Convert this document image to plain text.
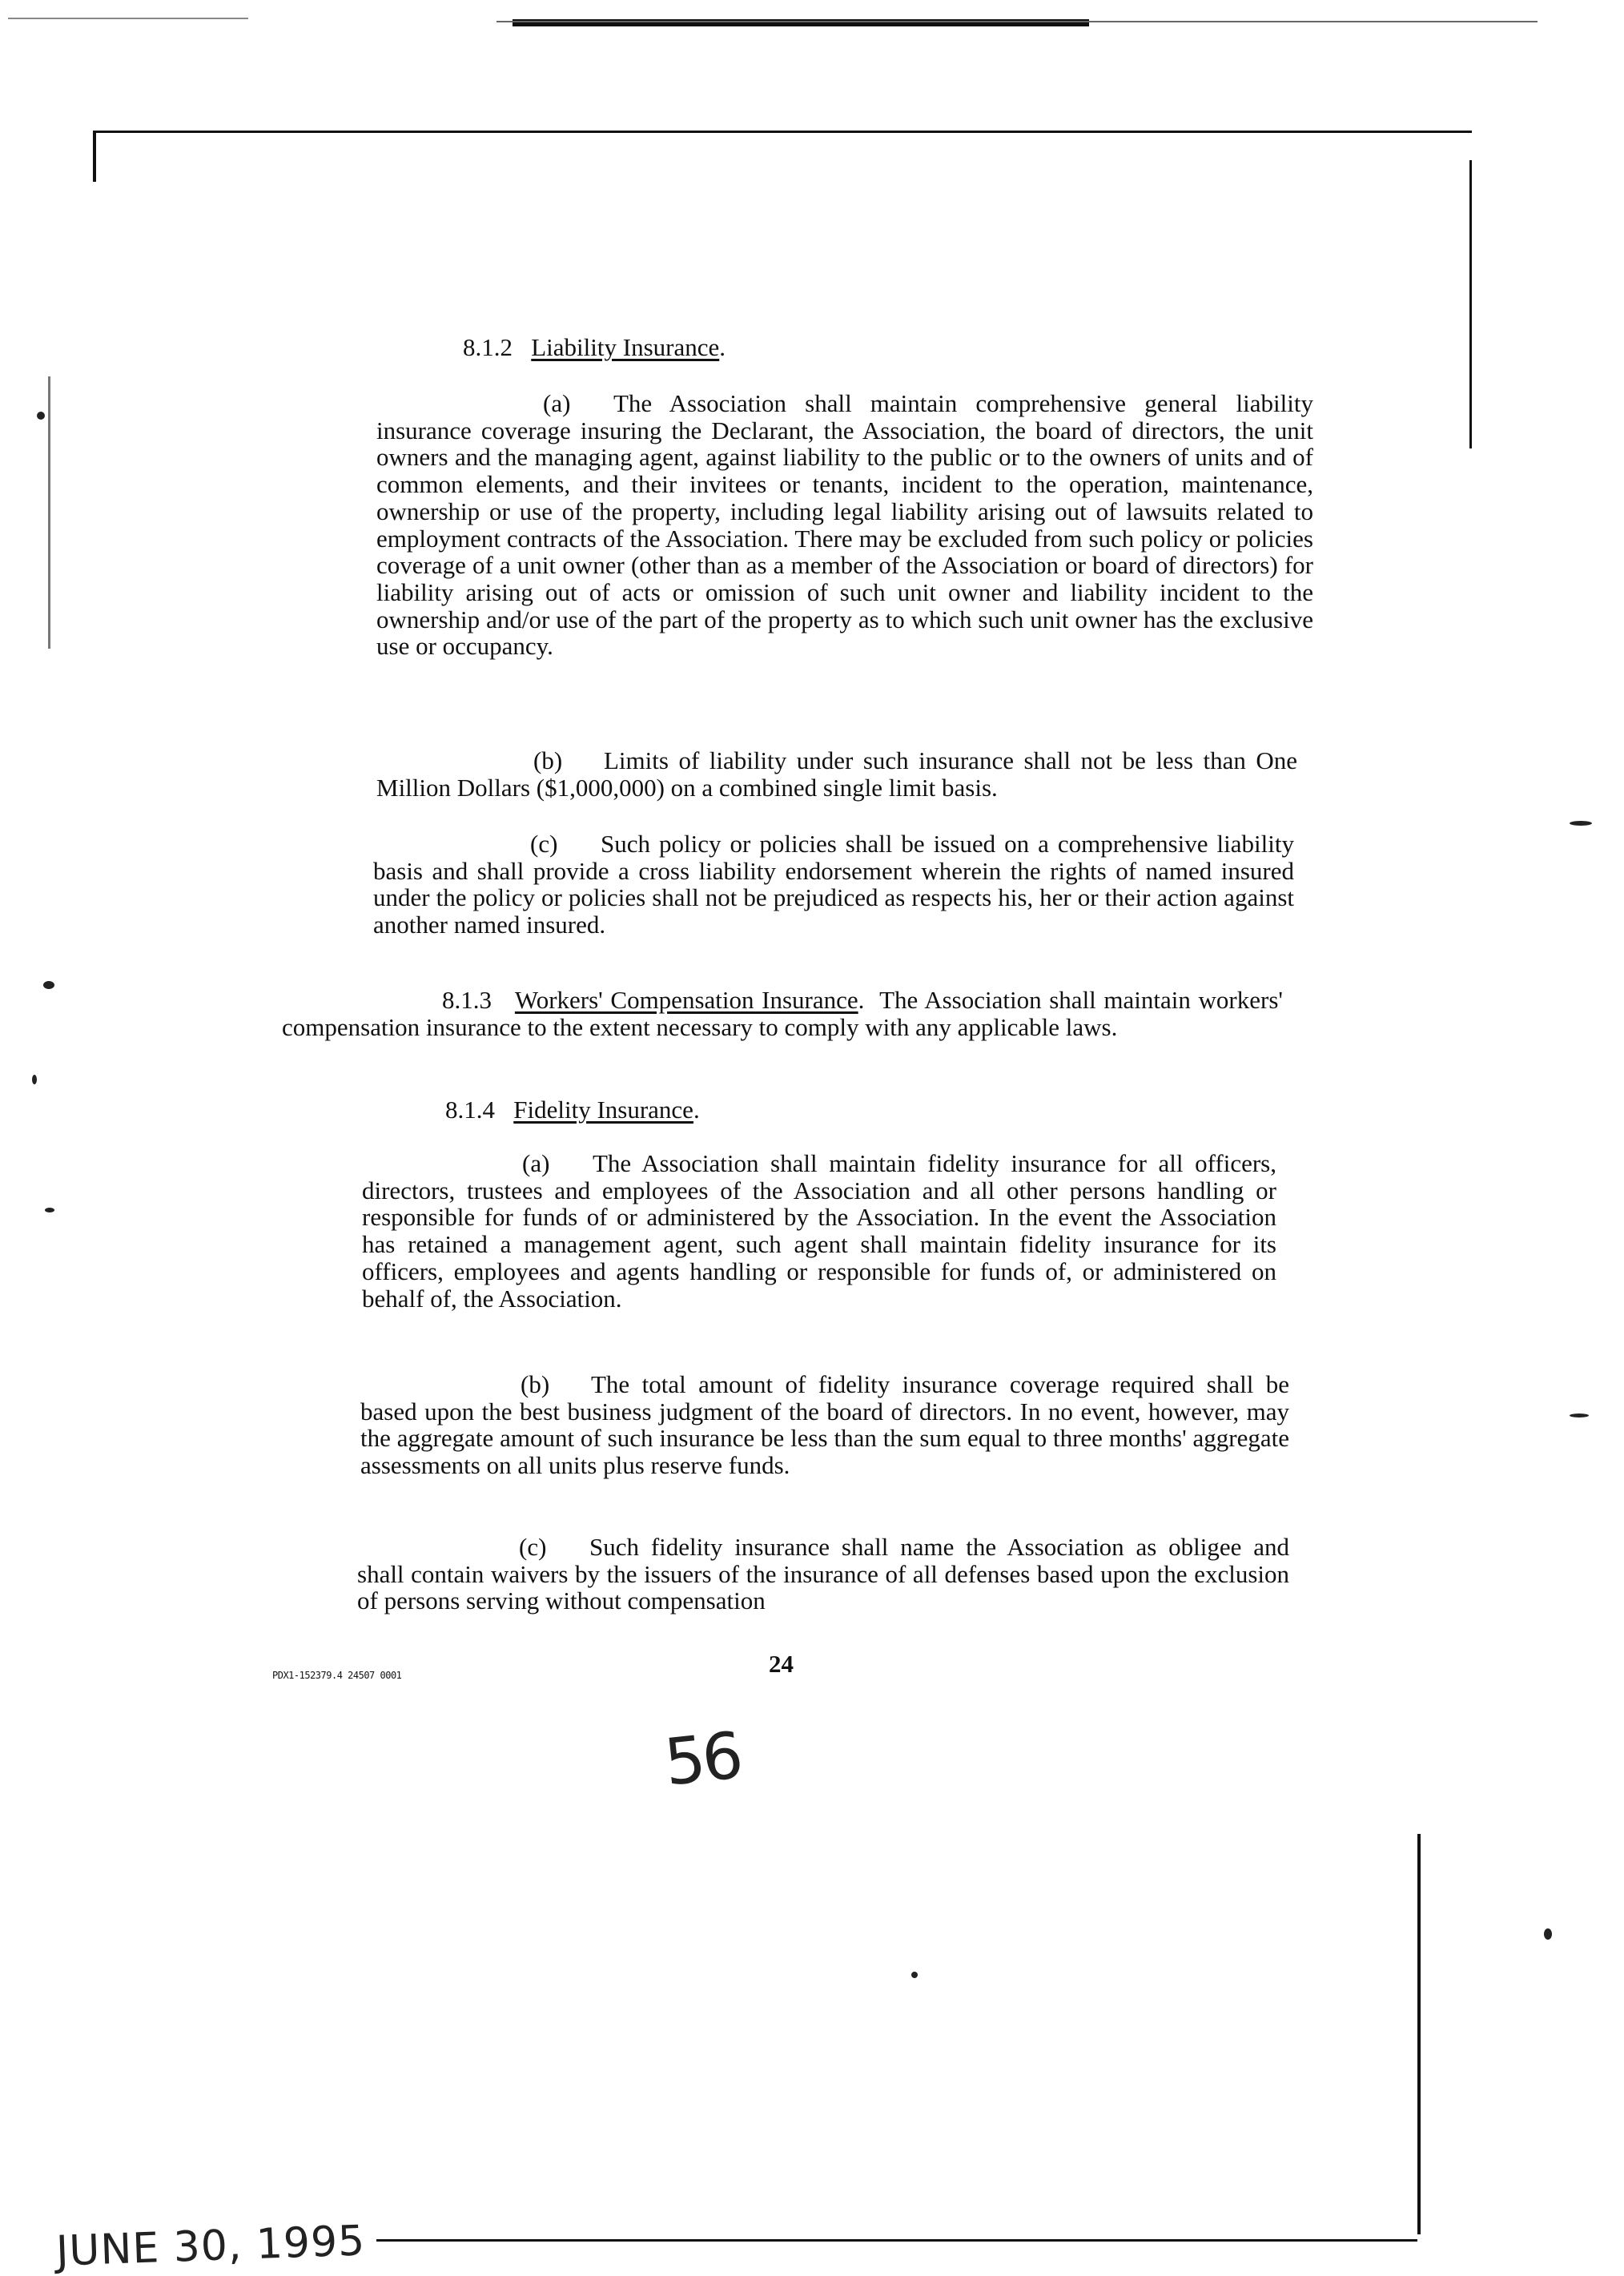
8.1.2 Liability Insurance.

(a) The Association shall maintain comprehensive general liability insurance coverage insuring the Declarant, the Association, the board of directors, the unit owners and the managing agent, against liability to the public or to the owners of units and of common elements, and their invitees or tenants, incident to the operation, maintenance, ownership or use of the property, including legal liability arising out of lawsuits related to employment contracts of the Association. There may be excluded from such policy or policies coverage of a unit owner (other than as a member of the Association or board of directors) for liability arising out of acts or omission of such unit owner and liability incident to the ownership and/or use of the part of the property as to which such unit owner has the exclusive use or occupancy.

(b) Limits of liability under such insurance shall not be less than One Million Dollars ($1,000,000) on a combined single limit basis.

(c) Such policy or policies shall be issued on a comprehensive liability basis and shall provide a cross liability endorsement wherein the rights of named insured under the policy or policies shall not be prejudiced as respects his, her or their action against another named insured.

8.1.3 Workers' Compensation Insurance.  The Association shall maintain workers' compensation insurance to the extent necessary to comply with any applicable laws.

8.1.4 Fidelity Insurance.

(a) The Association shall maintain fidelity insurance for all officers, directors, trustees and employees of the Association and all other persons handling or responsible for funds of or administered by the Association. In the event the Association has retained a management agent, such agent shall maintain fidelity insurance for its officers, employees and agents handling or responsible for funds of, or administered on behalf of, the Association.

(b) The total amount of fidelity insurance coverage required shall be based upon the best business judgment of the board of directors. In no event, however, may the aggregate amount of such insurance be less than the sum equal to three months' aggregate assessments on all units plus reserve funds.

(c) Such fidelity insurance shall name the Association as obligee and shall contain waivers by the issuers of the insurance of all defenses based upon the exclusion of persons serving without compensation

PDX1-152379.4 24507 0001	24
56
JUNE 30, 1995
